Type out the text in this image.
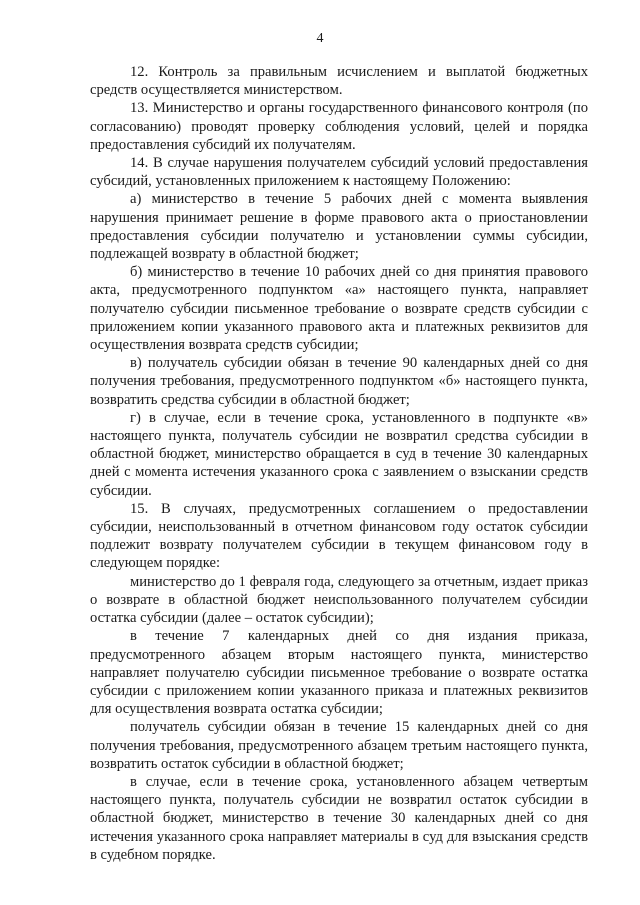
4

12. Контроль за правильным исчислением и выплатой бюджетных средств осуществляется министерством.

13. Министерство и органы государственного финансового контроля (по согласованию) проводят проверку соблюдения условий, целей и порядка предоставления субсидий их получателям.

14. В случае нарушения получателем субсидий условий предоставления субсидий, установленных приложением к настоящему Положению:

а) министерство в течение 5 рабочих дней с момента выявления нарушения принимает решение в форме правового акта о приостановлении предоставления субсидии получателю и установлении суммы субсидии, подлежащей возврату в областной бюджет;

б) министерство в течение 10 рабочих дней со дня принятия правового акта, предусмотренного подпунктом «а» настоящего пункта, направляет получателю субсидии письменное требование о возврате средств субсидии с приложением копии указанного правового акта и платежных реквизитов для осуществления возврата средств субсидии;

в) получатель субсидии обязан в течение 90 календарных дней со дня получения требования, предусмотренного подпунктом «б» настоящего пункта, возвратить средства субсидии в областной бюджет;

г) в случае, если в течение срока, установленного в подпункте «в» настоящего пункта, получатель субсидии не возвратил средства субсидии в областной бюджет, министерство обращается в суд в течение 30 календарных дней с момента истечения указанного срока с заявлением о взыскании средств субсидии.

15. В случаях, предусмотренных соглашением о предоставлении субсидии, неиспользованный в отчетном финансовом году остаток субсидии подлежит возврату получателем субсидии в текущем финансовом году в следующем порядке:

министерство до 1 февраля года, следующего за отчетным, издает приказ о возврате в областной бюджет неиспользованного получателем субсидии остатка субсидии (далее – остаток субсидии);

в течение 7 календарных дней со дня издания приказа, предусмотренного абзацем вторым настоящего пункта, министерство направляет получателю субсидии письменное требование о возврате остатка субсидии с приложением копии указанного приказа и платежных реквизитов для осуществления возврата остатка субсидии;

получатель субсидии обязан в течение 15 календарных дней со дня получения требования, предусмотренного абзацем третьим настоящего пункта, возвратить остаток субсидии в областной бюджет;

в случае, если в течение срока, установленного абзацем четвертым настоящего пункта, получатель субсидии не возвратил остаток субсидии в областной бюджет, министерство в течение 30 календарных дней со дня истечения указанного срока направляет материалы в суд для взыскания средств в судебном порядке.
